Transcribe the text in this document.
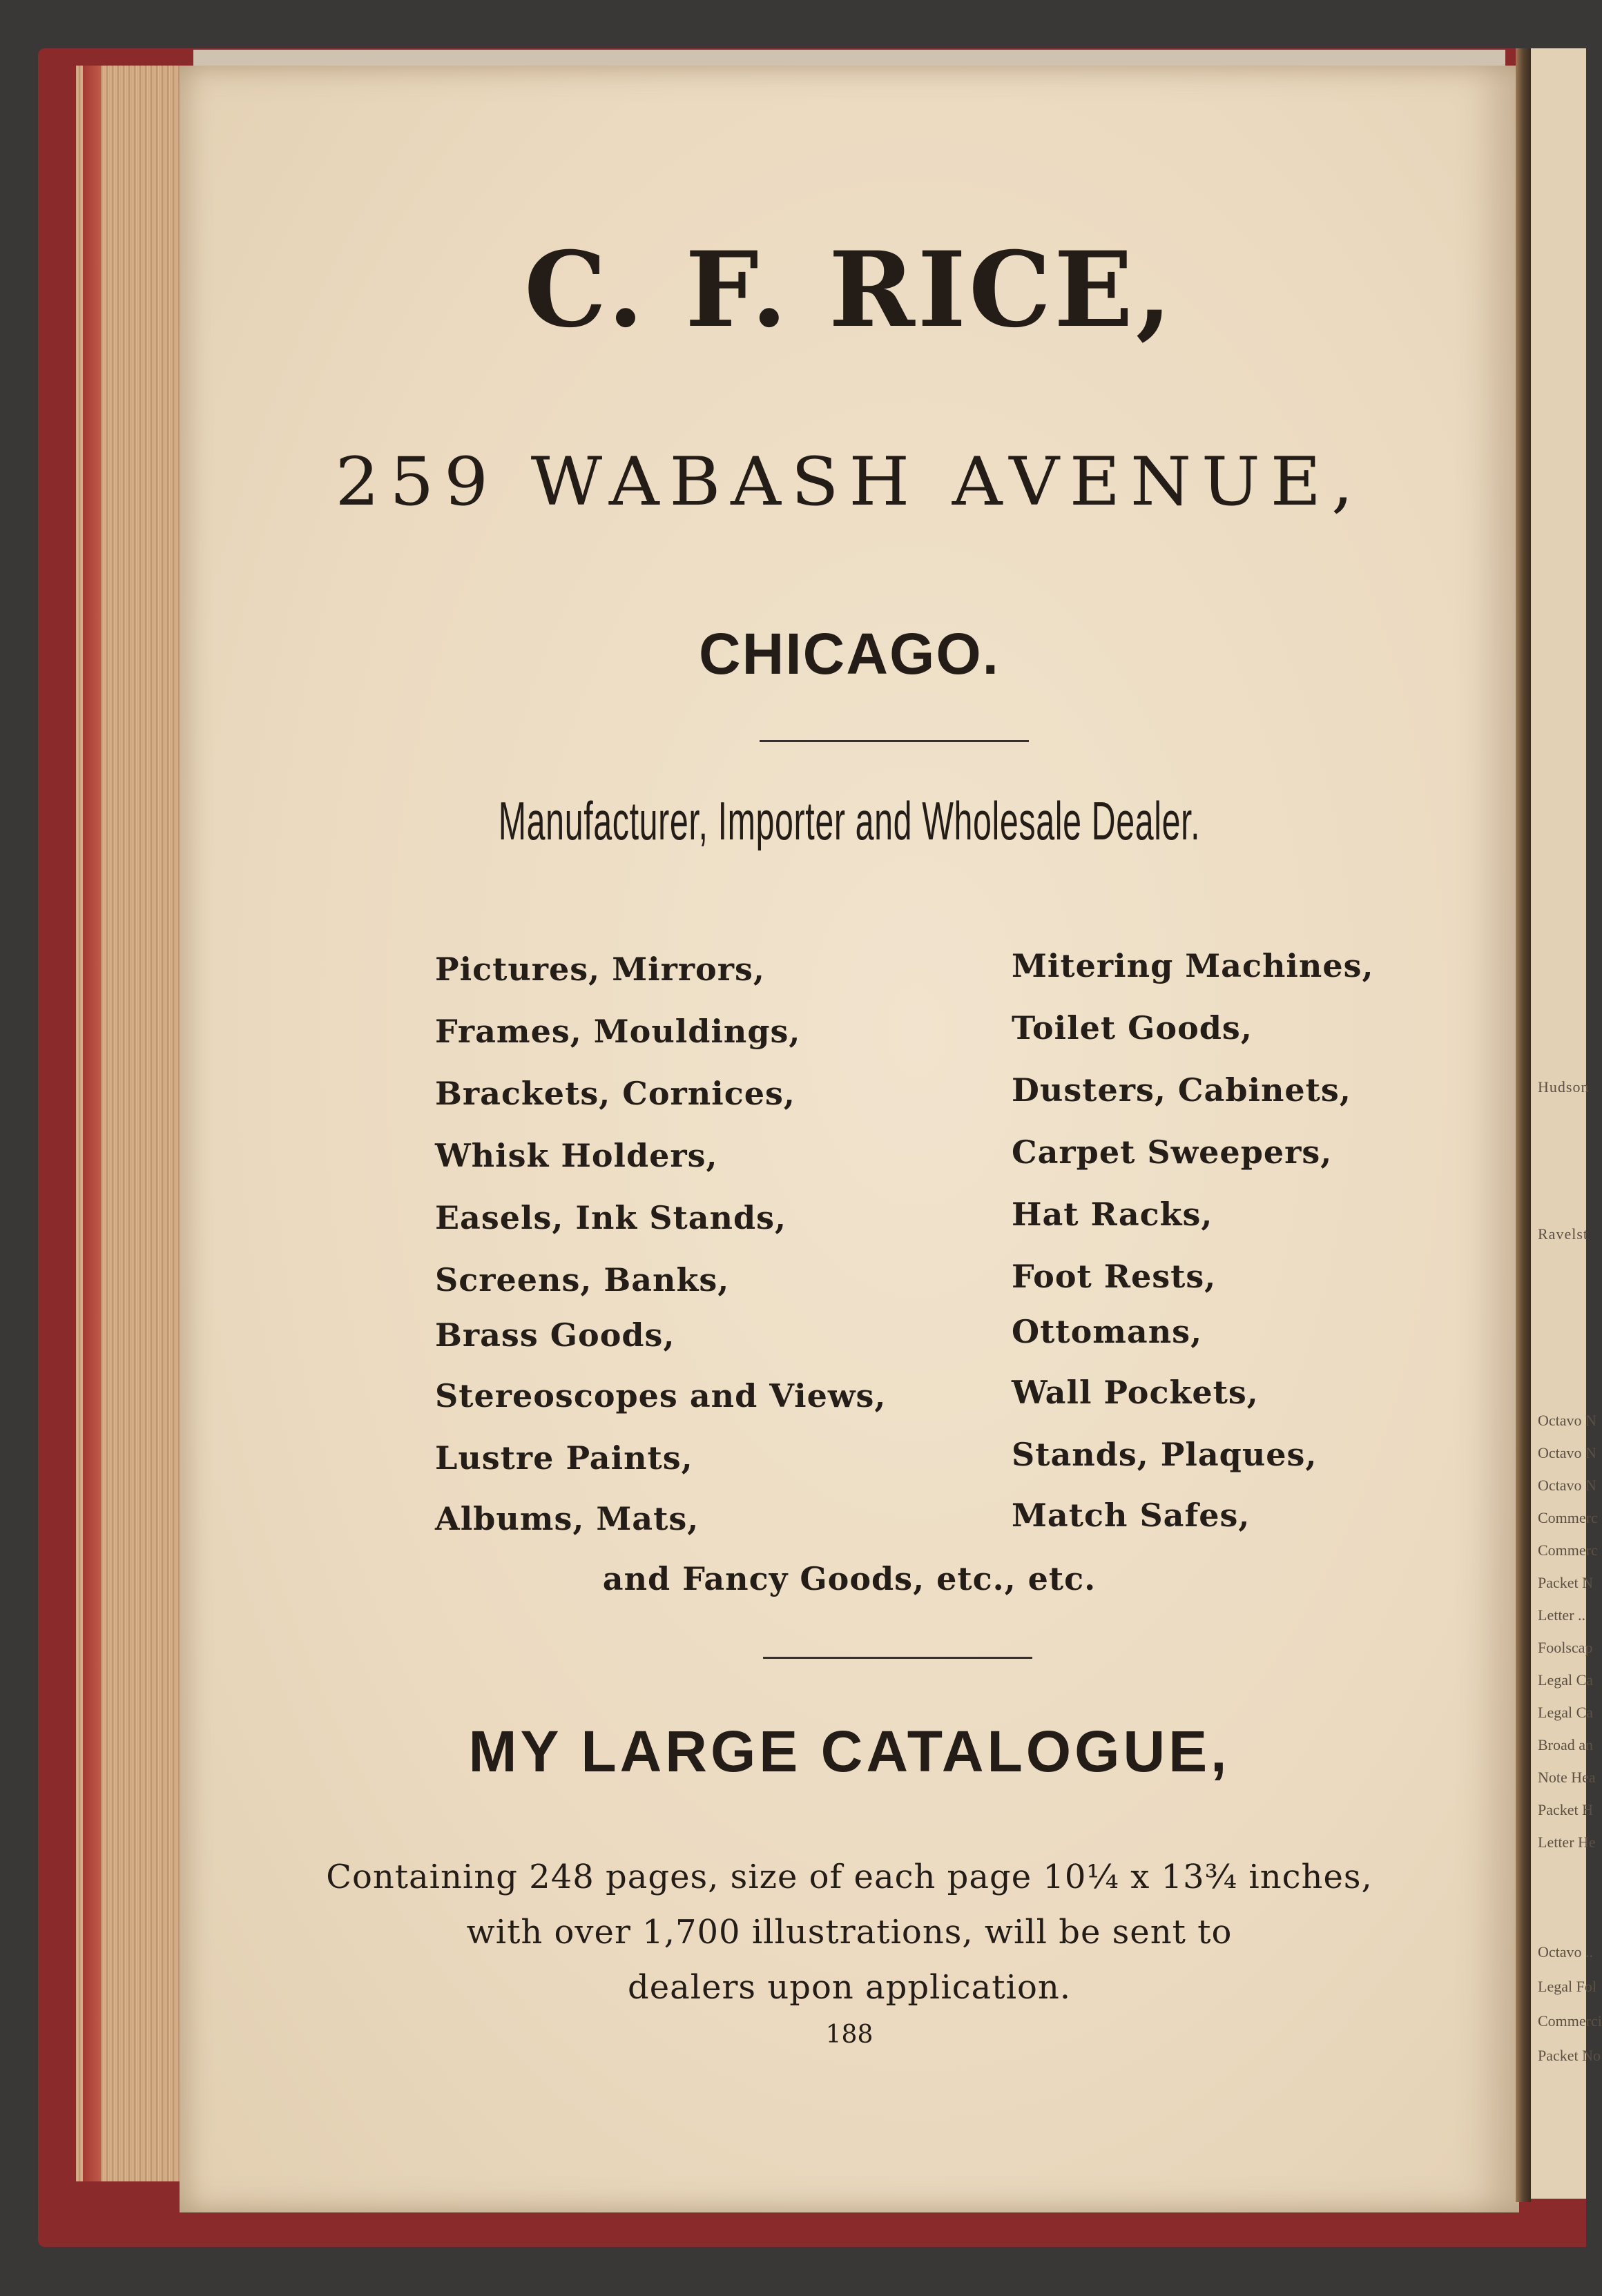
Hudson
Ravelst
Octavo N
Octavo N
Octavo N
Commerc
Commerc
Packet N
Letter ..
Foolscap
Legal Ca
Legal Ca
Broad an
Note Hea
Packet H
Letter He
Octavo ..
Legal Fol
Commerci
Packet No
C. F. RICE,
259 WABASH AVENUE,
CHICAGO.
Manufacturer, Importer and Wholesale Dealer.
Pictures, Mirrors,
Frames, Mouldings,
Brackets, Cornices,
Whisk Holders,
Easels, Ink Stands,
Screens, Banks,
Brass Goods,
Stereoscopes and Views,
Lustre Paints,
Albums, Mats,
Mitering Machines,
Toilet Goods,
Dusters, Cabinets,
Carpet Sweepers,
Hat Racks,
Foot Rests,
Ottomans,
Wall Pockets,
Stands, Plaques,
Match Safes,
and Fancy Goods, etc., etc.
MY LARGE CATALOGUE,
Containing 248 pages, size of each page 10¼ x 13¾ inches,
with over 1,700 illustrations, will be sent to
dealers upon application.
188
